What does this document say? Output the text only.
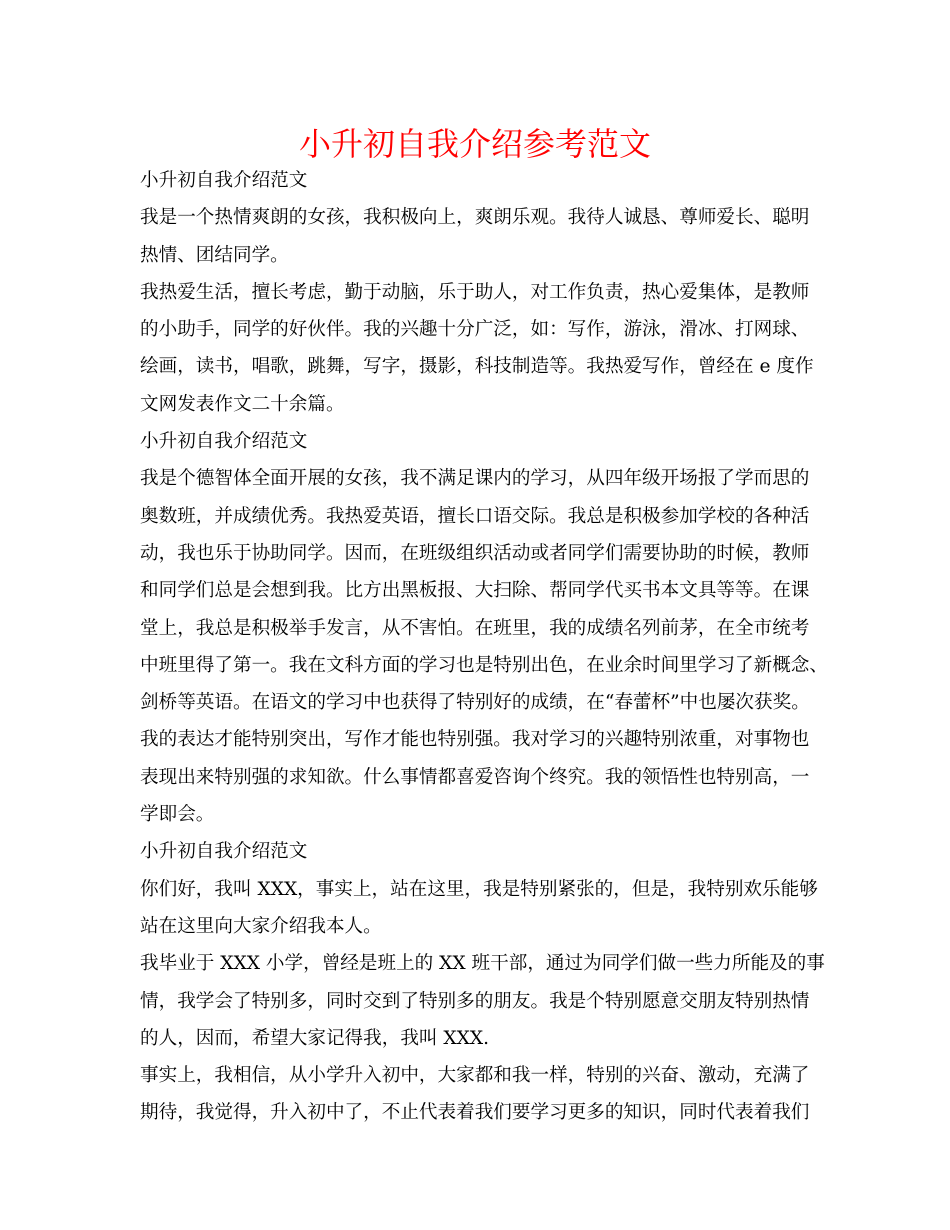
小升初自我介绍参考范文

小升初自我介绍范文

我是一个热情爽朗的女孩，我积极向上，爽朗乐观。我待人诚恳、尊师爱长、聪明

热情、团结同学。

我热爱生活，擅长考虑，勤于动脑，乐于助人，对工作负责，热心爱集体，是教师

的小助手，同学的好伙伴。我的兴趣十分广泛，如：写作，游泳，滑冰、打网球、

绘画，读书，唱歌，跳舞，写字，摄影，科技制造等。我热爱写作，曾经在 e 度作

文网发表作文二十余篇。

小升初自我介绍范文

我是个德智体全面开展的女孩，我不满足课内的学习，从四年级开场报了学而思的

奥数班，并成绩优秀。我热爱英语，擅长口语交际。我总是积极参加学校的各种活

动，我也乐于协助同学。因而，在班级组织活动或者同学们需要协助的时候，教师

和同学们总是会想到我。比方出黑板报、大扫除、帮同学代买书本文具等等。在课

堂上，我总是积极举手发言，从不害怕。在班里，我的成绩名列前茅，在全市统考

中班里得了第一。我在文科方面的学习也是特别出色，在业余时间里学习了新概念、

剑桥等英语。在语文的学习中也获得了特别好的成绩，在“春蕾杯”中也屡次获奖。

我的表达才能特别突出，写作才能也特别强。我对学习的兴趣特别浓重，对事物也

表现出来特别强的求知欲。什么事情都喜爱咨询个终究。我的领悟性也特别高，一

学即会。

小升初自我介绍范文

你们好，我叫 XXX，事实上，站在这里，我是特别紧张的，但是，我特别欢乐能够

站在这里向大家介绍我本人。

我毕业于 XXX 小学，曾经是班上的 XX 班干部，通过为同学们做一些力所能及的事

情，我学会了特别多，同时交到了特别多的朋友。我是个特别愿意交朋友特别热情

的人，因而，希望大家记得我，我叫 XXX.

事实上，我相信，从小学升入初中，大家都和我一样，特别的兴奋、激动，充满了

期待，我觉得，升入初中了，不止代表着我们要学习更多的知识，同时代表着我们
